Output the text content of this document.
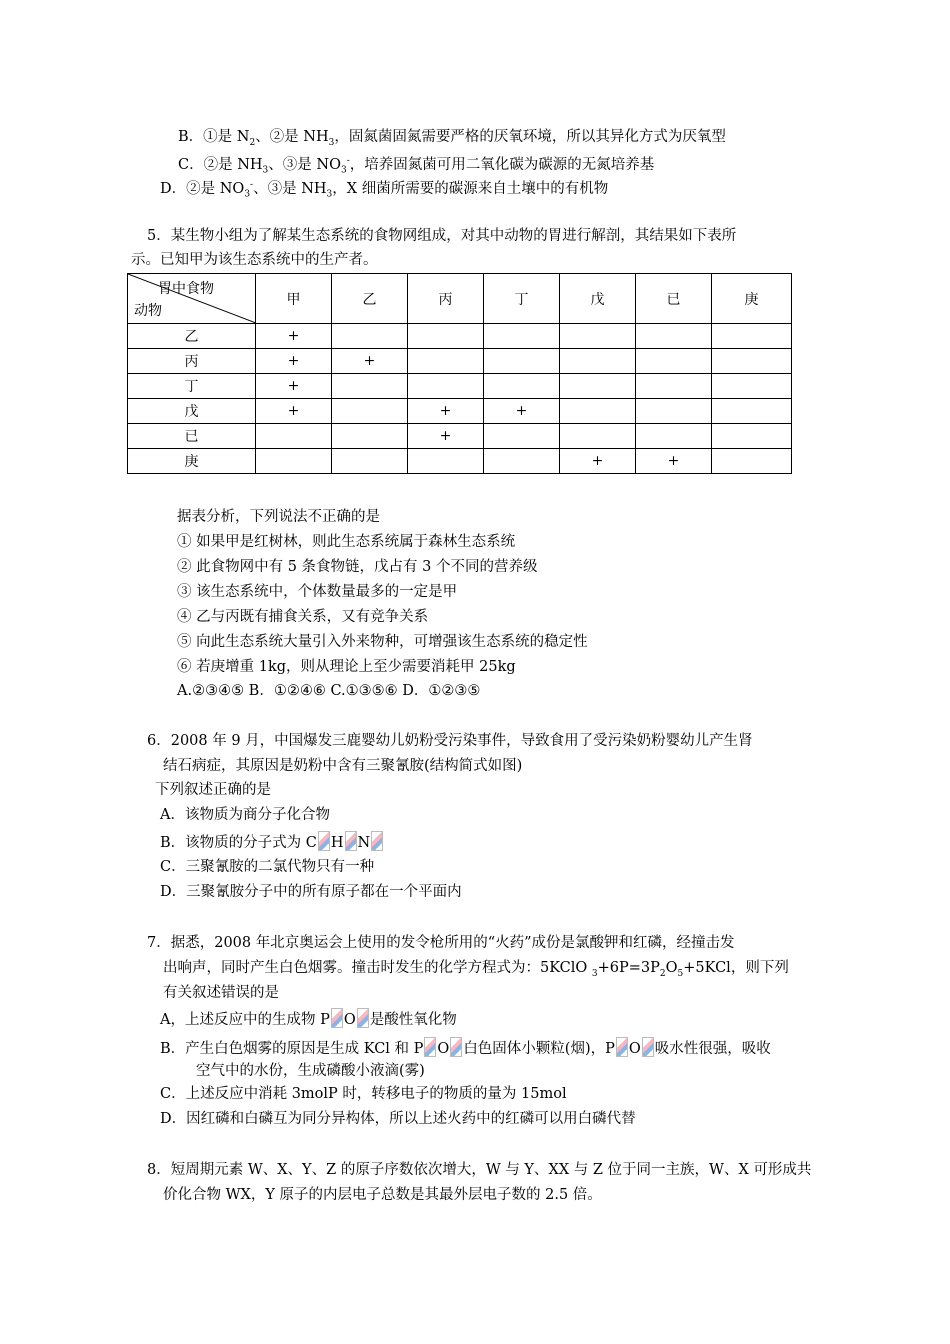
B．①是 $N_2$、②是 $NH_3$，固氮菌固氮需要严格的厌氧环境，所以其异化方式为厌氧型
C．②是 $NH_3$、③是 $NO_3^-$，培养固氮菌可用二氧化碳为碳源的无氮培养基
D．②是 $NO_3^-$、③是 $NH_3$，X 细菌所需要的碳源来自土壤中的有机物
5．某生物小组为了解某生态系统的食物网组成，对其中动物的胃进行解剖，其结果如下表所
示。已知甲为该生态系统中的生产者。
胃中食物
动物	甲	乙	丙	丁	戊	已	庚
乙	+						
丙	+	+					
丁	+						
戊	+		+	+			
已			+				
庚					+	+	
据表分析，下列说法不正确的是
① 如果甲是红树林，则此生态系统属于森林生态系统
② 此食物网中有 5 条食物链，戊占有 3 个不同的营养级
③ 该生态系统中，个体数量最多的一定是甲
④ 乙与丙既有捕食关系，又有竞争关系
⑤ 向此生态系统大量引入外来物种，可增强该生态系统的稳定性
⑥ 若庚增重 1kg，则从理论上至少需要消耗甲 25kg
A.②③④⑤ B．①②④⑥ C.①③⑤⑥ D．①②③⑤
6．2008 年 9 月，中国爆发三鹿婴幼儿奶粉受污染事件，导致食用了受污染奶粉婴幼儿产生肾
结石病症，其原因是奶粉中含有三聚氰胺(结构简式如图)
下列叙述正确的是
A．该物质为商分子化合物
B．该物质的分子式为 C H N
C．三聚氰胺的二氯代物只有一种
D．三聚氰胺分子中的所有原子都在一个平面内
7．据悉，2008 年北京奥运会上使用的发令枪所用的“火药”成份是氯酸钾和红磷，经撞击发
出响声，同时产生白色烟雾。撞击时发生的化学方程式为：5KClO $_3+6P=3P_2O_5+5KCl$，则下列
有关叙述错误的是
A，上述反应中的生成物 P O 是酸性氧化物
B．产生白色烟雾的原因是生成 KCl 和 P O 白色固体小颗粒(烟)，P O 吸水性很强，吸收
空气中的水份，生成磷酸小液滴(雾)
C．上述反应中消耗 3molP 时，转移电子的物质的量为 15mol
D．因红磷和白磷互为同分异构体，所以上述火药中的红磷可以用白磷代替
8．短周期元素 W、X、Y、Z 的原子序数依次增大，W 与 Y、XX 与 Z 位于同一主族，W、X 可形成共
价化合物 WX，Y 原子的内层电子总数是其最外层电子数的 2.5 倍。
